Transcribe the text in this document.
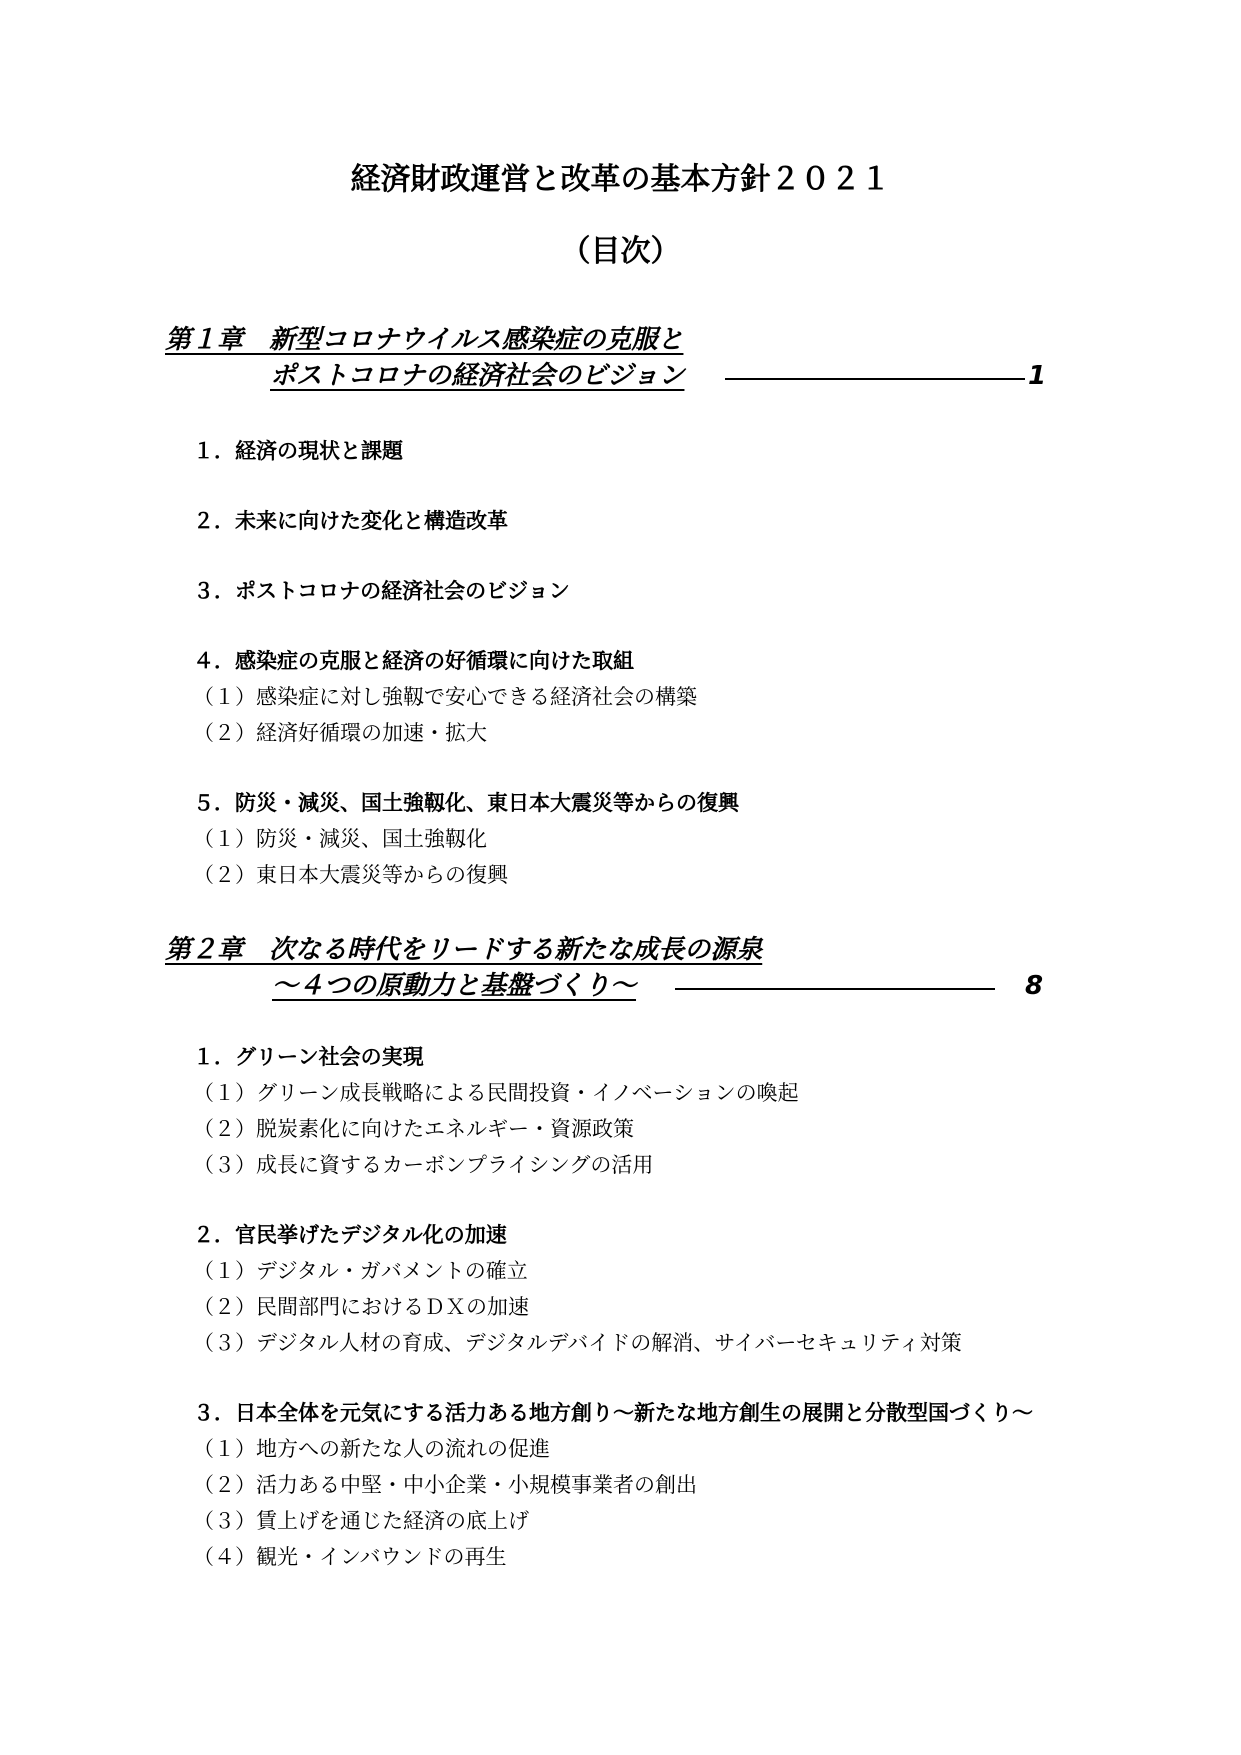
経済財政運営と改革の基本方針２０２１
（目次）
第１章　新型コロナウイルス感染症の克服と
ポストコロナの経済社会のビジョン	1
１．経済の現状と課題
２．未来に向けた変化と構造改革
３．ポストコロナの経済社会のビジョン
４．感染症の克服と経済の好循環に向けた取組
（１）感染症に対し強靱で安心できる経済社会の構築
（２）経済好循環の加速・拡大
５．防災・減災、国土強靱化、東日本大震災等からの復興
（１）防災・減災、国土強靱化
（２）東日本大震災等からの復興
第２章　次なる時代をリードする新たな成長の源泉
～４つの原動力と基盤づくり～	8
１．グリーン社会の実現
（１）グリーン成長戦略による民間投資・イノベーションの喚起
（２）脱炭素化に向けたエネルギー・資源政策
（３）成長に資するカーボンプライシングの活用
２．官民挙げたデジタル化の加速
（１）デジタル・ガバメントの確立
（２）民間部門におけるＤＸの加速
（３）デジタル人材の育成、デジタルデバイドの解消、サイバーセキュリティ対策
３．日本全体を元気にする活力ある地方創り～新たな地方創生の展開と分散型国づくり～
（１）地方への新たな人の流れの促進
（２）活力ある中堅・中小企業・小規模事業者の創出
（３）賃上げを通じた経済の底上げ
（４）観光・インバウンドの再生
